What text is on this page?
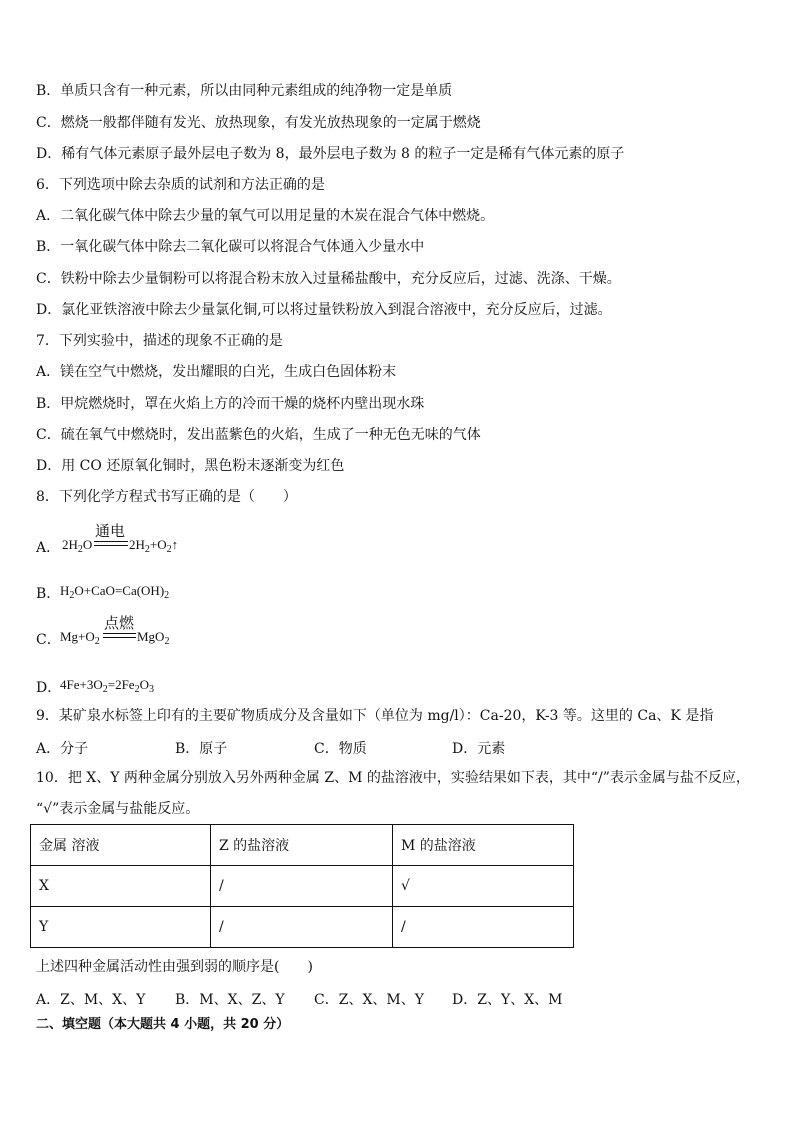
B．单质只含有一种元素，所以由同种元素组成的纯净物一定是单质
C．燃烧一般都伴随有发光、放热现象，有发光放热现象的一定属于燃烧
D．稀有气体元素原子最外层电子数为 8，最外层电子数为 8 的粒子一定是稀有气体元素的原子
6．下列选项中除去杂质的试剂和方法正确的是
A．二氧化碳气体中除去少量的氧气可以用足量的木炭在混合气体中燃烧。
B．一氧化碳气体中除去二氧化碳可以将混合气体通入少量水中
C．铁粉中除去少量铜粉可以将混合粉末放入过量稀盐酸中，充分反应后，过滤、洗涤、干燥。
D．氯化亚铁溶液中除去少量氯化铜,可以将过量铁粉放入到混合溶液中，充分反应后，过滤。
7．下列实验中，描述的现象不正确的是
A．镁在空气中燃烧，发出耀眼的白光，生成白色固体粉末
B．甲烷燃烧时，罩在火焰上方的冷而干燥的烧杯内壁出现水珠
C．硫在氧气中燃烧时，发出蓝紫色的火焰，生成了一种无色无味的气体
D．用 CO 还原氧化铜时，黑色粉末逐渐变为红色
8．下列化学方程式书写正确的是（　　）
A． $2H_2O$
通电
$2H_2+O_2↑$
B． $H_2O+CaO=Ca(OH)_2$
C． $Mg+O_2$
点燃
MgO$_2$
D．
$4Fe+3O_2=2Fe_2O_3$
9．某矿泉水标签上印有的主要矿物质成分及含量如下（单位为 mg/l）：Ca-20，K-3 等。这里的 Ca、K 是指
A．分子	B．原子	C．物质	D．元素
10．把 X、Y 两种金属分别放入另外两种金属 Z、M 的盐溶液中，实验结果如下表，其中“/”表示金属与盐不反应，
“√”表示金属与盐能反应。
金属 溶液	Z 的盐溶液	M 的盐溶液
X	/	√
Y	/	/
上述四种金属活动性由强到弱的顺序是(　　)
A．Z、M、X、Y B．M、X、Z、Y C．Z、X、M、Y D．Z、Y、X、M
二、填空题（本大题共 4 小题，共 20 分）
